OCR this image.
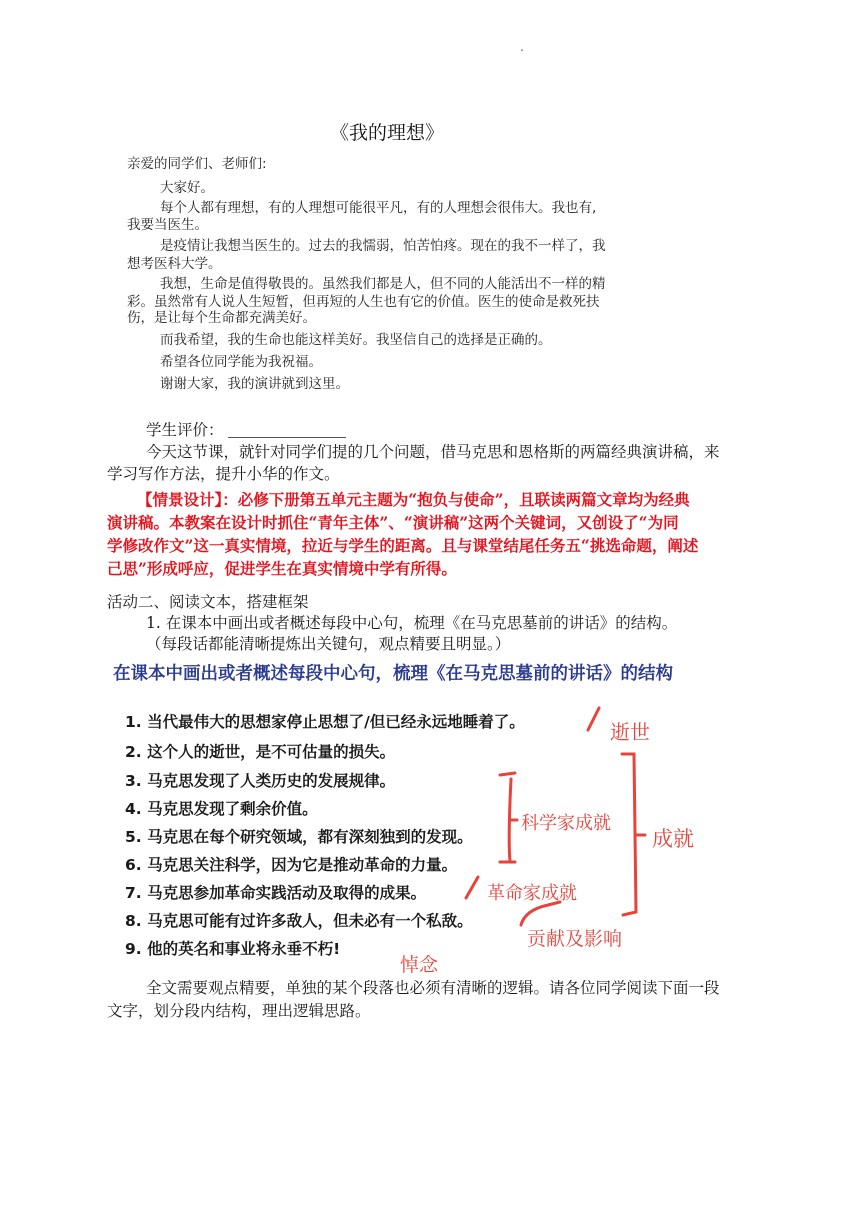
.
《我的理想》
亲爱的同学们、老师们:
大家好。
每个人都有理想，有的人理想可能很平凡，有的人理想会很伟大。我也有,
我要当医生。
是疫情让我想当医生的。过去的我懦弱，怕苦怕疼。现在的我不一样了，我
想考医科大学。
我想，生命是值得敬畏的。虽然我们都是人，但不同的人能活出不一样的精
彩。虽然常有人说人生短暂，但再短的人生也有它的价值。医生的使命是救死扶
伤，是让每个生命都充满美好。
而我希望，我的生命也能这样美好。我坚信自己的选择是正确的。
希望各位同学能为我祝福。
谢谢大家，我的演讲就到这里。
学生评价：
今天这节课，就针对同学们提的几个问题，借马克思和恩格斯的两篇经典演讲稿，来
学习写作方法，提升小华的作文。
【情景设计】：必修下册第五单元主题为“抱负与使命”，且联读两篇文章均为经典
演讲稿。本教案在设计时抓住“青年主体”、“演讲稿”这两个关键词，又创设了“为同
学修改作文”这一真实情境，拉近与学生的距离。且与课堂结尾任务五“挑选命题，阐述
己思”形成呼应，促进学生在真实情境中学有所得。
活动二、阅读文本，搭建框架
1. 在课本中画出或者概述每段中心句，梳理《在马克思墓前的讲话》的结构。
（每段话都能清晰提炼出关键句，观点精要且明显。）
在课本中画出或者概述每段中心句，梳理《在马克思墓前的讲话》的结构
1. 当代最伟大的思想家停止思想了/但已经永远地睡着了。
2. 这个人的逝世，是不可估量的损失。
3. 马克思发现了人类历史的发展规律。
4. 马克思发现了剩余价值。
5. 马克思在每个研究领域，都有深刻独到的发现。
6. 马克思关注科学，因为它是推动革命的力量。
7. 马克思参加革命实践活动及取得的成果。
8. 马克思可能有过许多敌人，但未必有一个私敌。
9. 他的英名和事业将永垂不朽!
逝世
科学家成就
成就
革命家成就
贡献及影响
悼念
全文需要观点精要，单独的某个段落也必须有清晰的逻辑。请各位同学阅读下面一段
文字，划分段内结构，理出逻辑思路。
